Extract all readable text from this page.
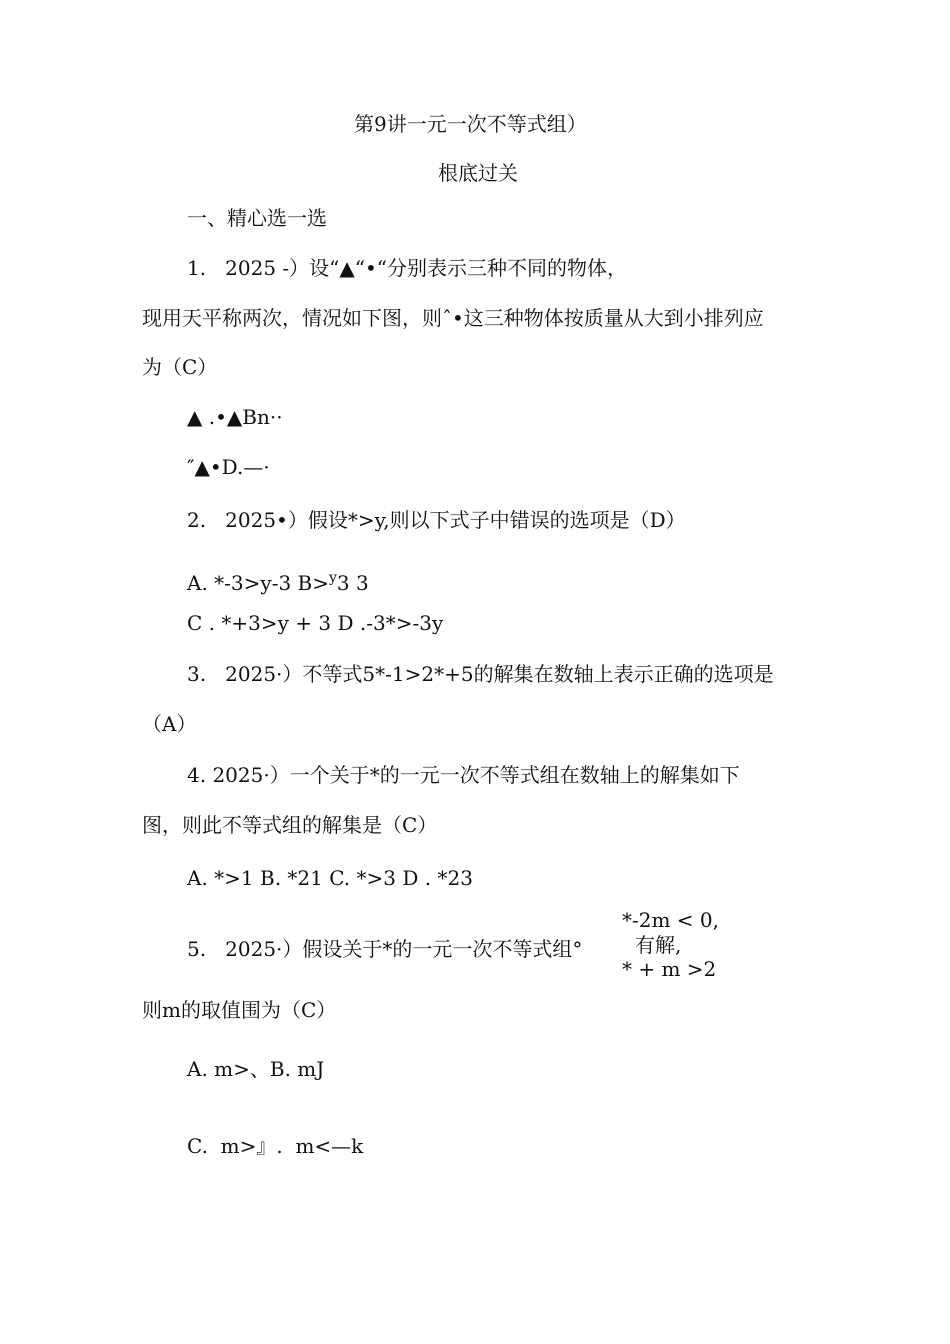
第9讲一元一次不等式组）
根底过关
一、精心选一选
1.   2025 -）设“▲“•“分别表示三种不同的物体，
现用天平称两次，情况如下图，则ˆ•这三种物体按质量从大到小排列应
为（C）
▲ .•▲Bn··
″▲•D.—·
2.   2025•）假设*>y,则以下式子中错误的选项是（D）
A. *-3>y-3 B>$^y$3 3
C . *+3>y + 3 D .-3*>-3y
3.   2025·）不等式5*-1>2*+5的解集在数轴上表示正确的选项是
（A）
4. 2025·）一个关于*的一元一次不等式组在数轴上的解集如下
图，则此不等式组的解集是（C）
A. *>1 B. *21 C. *>3 D . *23
5.   2025·）假设关于*的一元一次不等式组°
*-2m < 0,
有解,
* + m >2
则m的取值围为（C）
A. m>、B. mJ
C.  m>』.  m<—k
